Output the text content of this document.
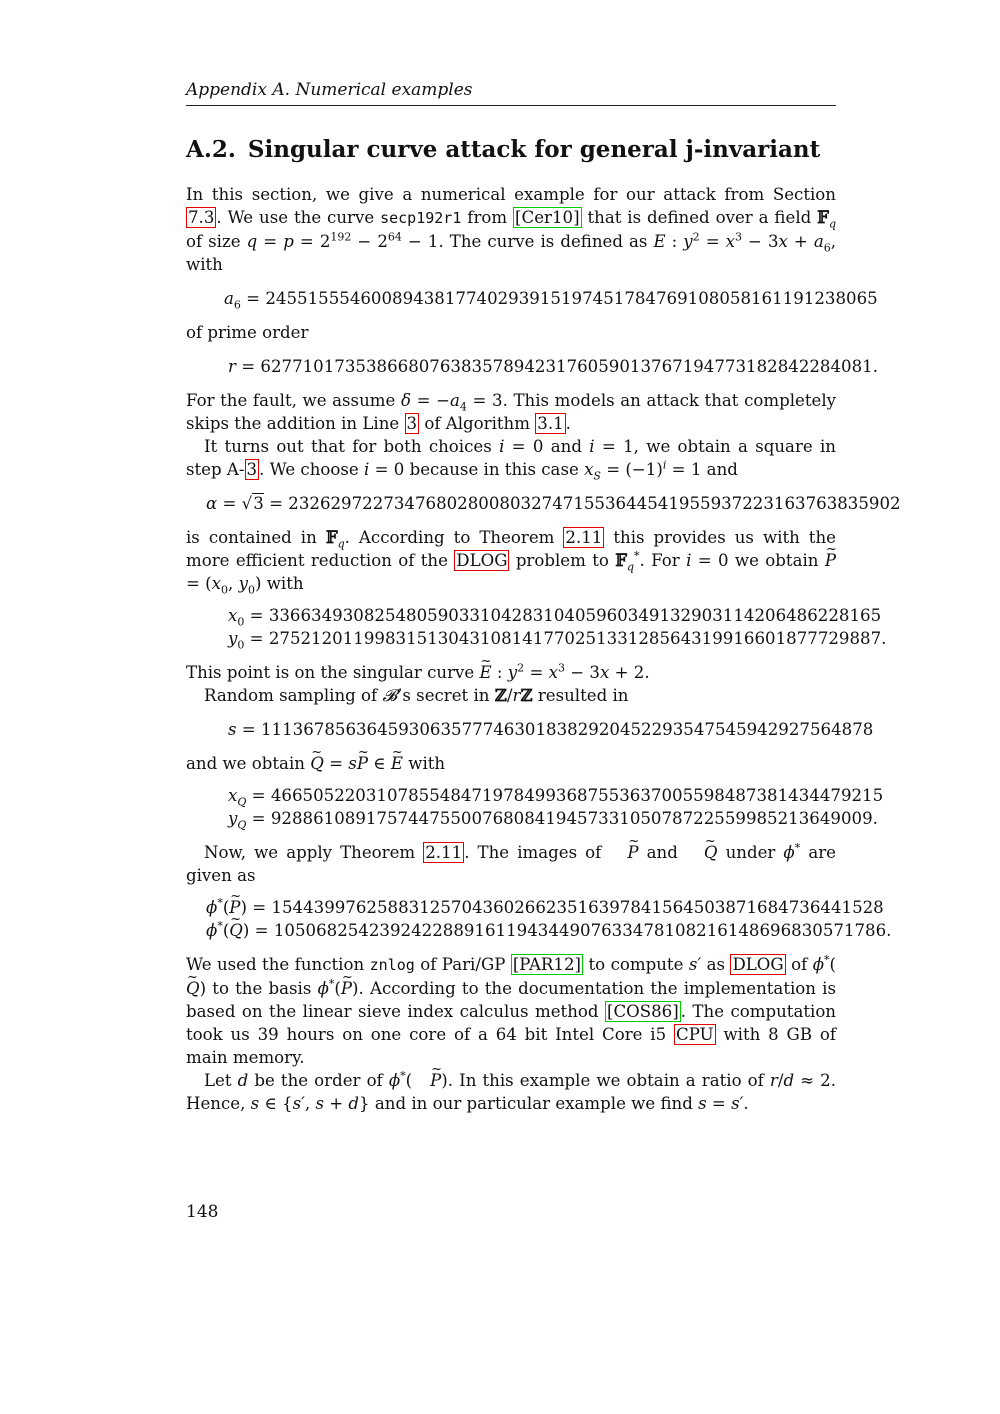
Appendix A. Numerical examples
A.2. Singular curve attack for general j-invariant

In this section, we give a numerical example for our attack from Section 7.3 . We use the curve secp192r1 from [Cer10] that is defined over a field 𝔽$_q$ of size $q = p = 2^{192} - 2^{64} - 1$. The curve is defined as E : $y^2 = x^3 - 3x + a_6$, with

$a_6 = 2455155546008943817740293915197451784769108058161191238065$

of prime order

r = 6277101735386680763835789423176059013767194773182842284081.

For the fault, we assume $\delta = -a_4 = 3$. This models an attack that completely skips the addition in Line 3 of Algorithm 3.1 .

It turns out that for both choices i = 0 and i = 1, we obtain a square in step A- 3 . We choose i = 0 because in this case $x_S = (-1)^i = 1$ and

α = √3 = 2326297227347680280080327471553644541955937223163763835902

is contained in 𝔽$_q$. According to Theorem 2.11 this provides us with the more efficient reduction of the DLOG problem to 𝔽$_q$*. For i = 0 we obtain ~ $P = (x_0$, $y_0$) with

$x_0 = 3366349308254805903310428310405960349132903114206486228165$
$y_0 = 2752120119983151304310814177025133128564319916601877729887$.

This point is on the singular curve ~ E : $y^2 = x^3 - 3x + 2$.

Random sampling of 𝓑’s secret in ℤ/rℤ resulted in

s = 1113678563645930635777463018382920452293547545942927564878

and we obtain ~ Q = s~ P ∈ ~ E with

$x_Q = 4665052203107855484719784993687553637005598487381434479215$
$y_Q$ = 9288610891757447550076808419457331050787225599852136490​09.

Now, we apply Theorem 2.11 . The images of ~ P and ~ Q under ϕ* are given as

ϕ*(~ P) = 1544399762588312570436026623516397841564503871684736441528
ϕ*(~ Q) = 1050682542392422889161194344907633478108216148696830571786.

We used the function znlog of Pari/GP [PAR12] to compute s′ as DLOG of ϕ*(~ Q) to the basis ϕ*(~ P). According to the documentation the implementation is based on the linear sieve index calculus method [COS86] . The computation took us 39 hours on one core of a 64 bit Intel Core i5 CPU with 8 GB of main memory.

Let d be the order of ϕ*( ~ P). In this example we obtain a ratio of r/d ≈ 2. Hence, s ∈ {s′, s + d} and in our particular example we find s = s′.

148
